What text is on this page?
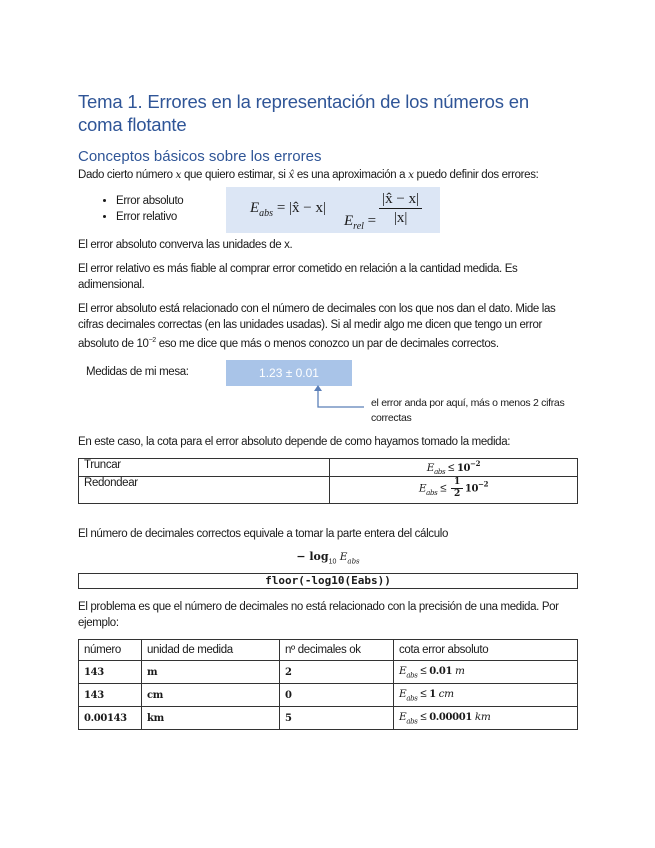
Tema 1. Errores en la representación de los números en coma flotante
Conceptos básicos sobre los errores

Dado cierto número x que quiero estimar, si x̂ es una aproximación a x puedo definir dos errores:

• Error absoluto
• Error relativo
$E_{abs}$ = |x̂ − x|
$E_{rel} = \frac{|x̂ - x|}{|x|}$

El error absoluto converva las unidades de x.

El error relativo es más fiable al comprar error cometido en relación a la cantidad medida. Es adimensional.

El error absoluto está relacionado con el número de decimales con los que nos dan el dato. Mide las cifras decimales correctas (en las unidades usadas). Si al medir algo me dicen que tengo un error absoluto de $10^{-2}$ eso me dice que más o menos conozco un par de decimales correctos.

Medidas de mi mesa:	1.23 ± 0.01
el error anda por aquí, más o menos 2 cifras correctas

En este caso, la cota para el error absoluto depende de como hayamos tomado la medida:

Truncar	$E_{abs} \le 10^{-2}$
Redondear	$E_{abs} \le \frac{1}{2} 10^{-2}$

El número de decimales correctos equivale a tomar la parte entera del cálculo

− $\log_{10} E_{abs}$
floor(-log10(Eabs))

El problema es que el número de decimales no está relacionado con la precisión de una medida. Por ejemplo:

número	unidad de medida	nº decimales ok	cota error absoluto
143	m	2	$E_{abs} \le 0.01$ m
143	cm	0	$E_{abs} \le 1$ cm
0.00143	km	5	$E_{abs} \le 0.00001$ km
